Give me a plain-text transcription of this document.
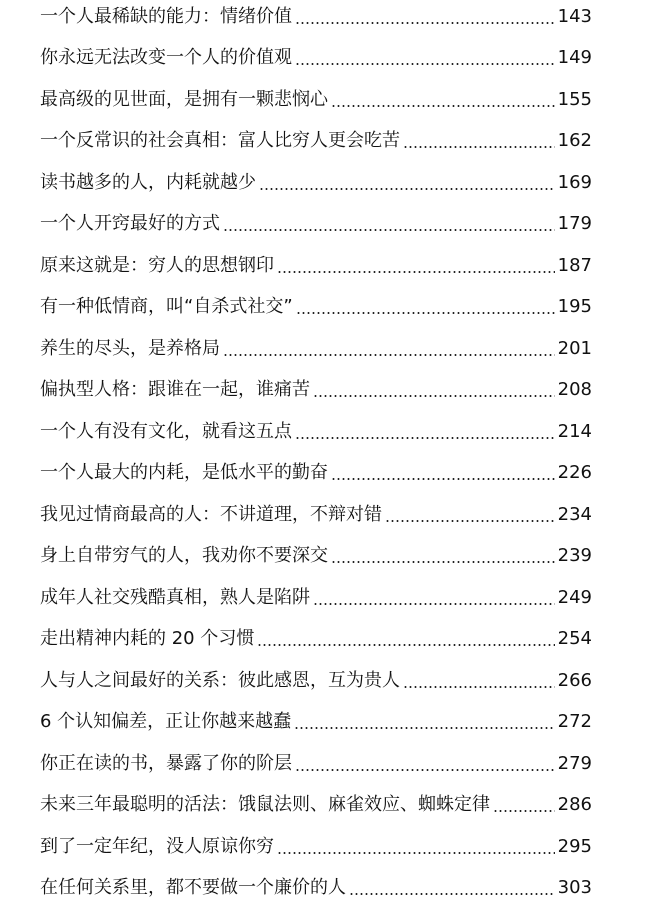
一个人最稀缺的能力：情绪价值	143
你永远无法改变一个人的价值观	149
最高级的见世面，是拥有一颗悲悯心	155
一个反常识的社会真相：富人比穷人更会吃苦	162
读书越多的人，内耗就越少	169
一个人开窍最好的方式	179
原来这就是：穷人的思想钢印	187
有一种低情商，叫“自杀式社交”	195
养生的尽头，是养格局	201
偏执型人格：跟谁在一起，谁痛苦	208
一个人有没有文化，就看这五点	214
一个人最大的内耗，是低水平的勤奋	226
我见过情商最高的人：不讲道理，不辩对错	234
身上自带穷气的人，我劝你不要深交	239
成年人社交残酷真相，熟人是陷阱	249
走出精神内耗的 20 个习惯	254
人与人之间最好的关系：彼此感恩，互为贵人	266
6 个认知偏差，正让你越来越蠢	272
你正在读的书，暴露了你的阶层	279
未来三年最聪明的活法：饿鼠法则、麻雀效应、蜘蛛定律	286
到了一定年纪，没人原谅你穷	295
在任何关系里，都不要做一个廉价的人	303
